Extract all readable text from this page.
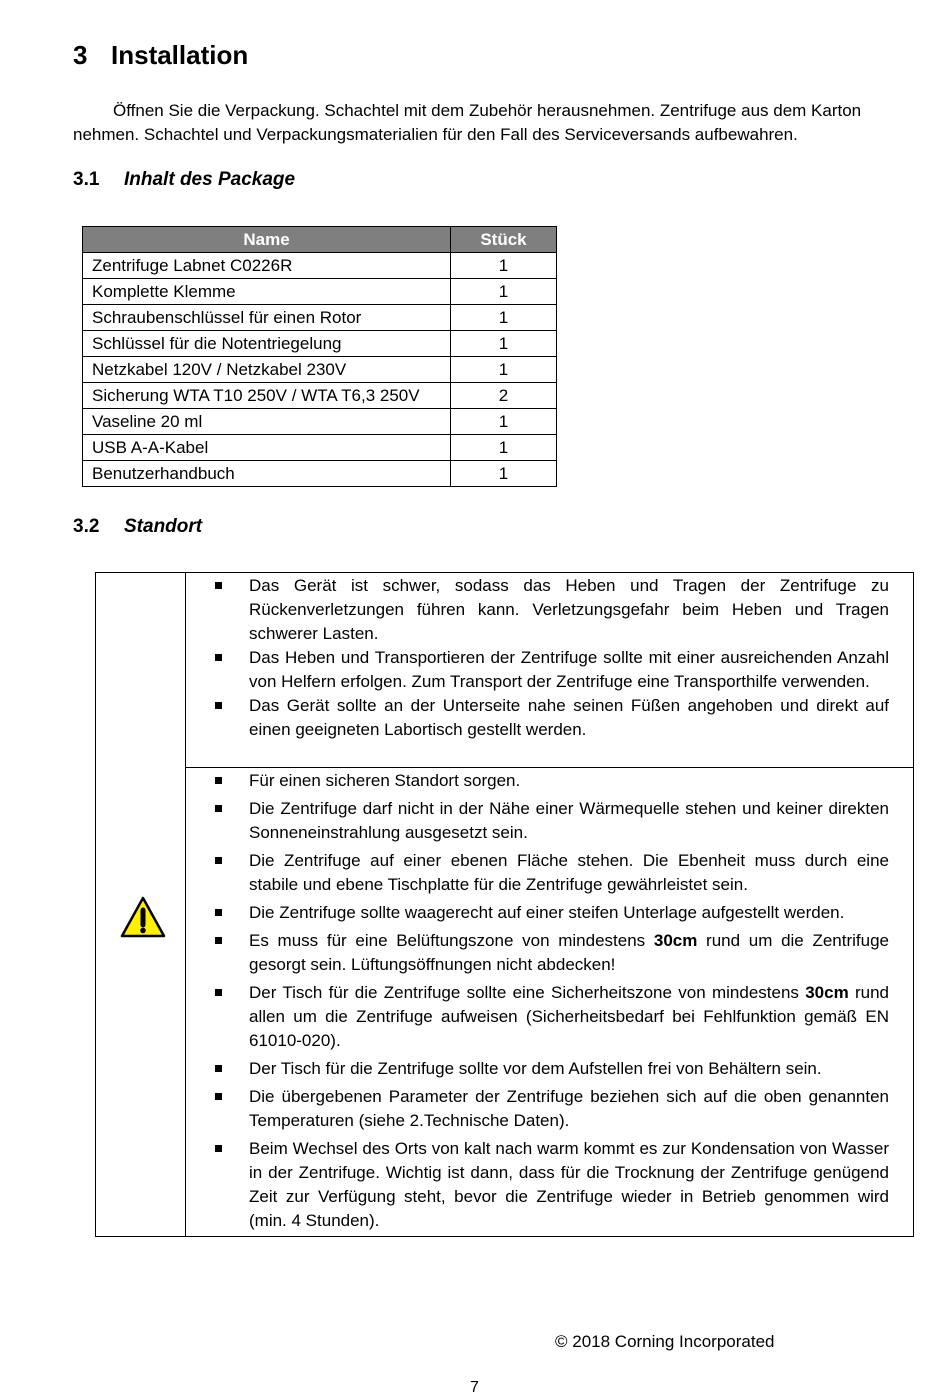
3 Installation

Öffnen Sie die Verpackung. Schachtel mit dem Zubehör herausnehmen. Zentrifuge aus dem Karton nehmen. Schachtel und Verpackungsmaterialien für den Fall des Serviceversands aufbewahren.

3.1 Inhalt des Package
Name	Stück
Zentrifuge Labnet C0226R	1
Komplette Klemme	1
Schraubenschlüssel für einen Rotor	1
Schlüssel für die Notentriegelung	1
Netzkabel 120V / Netzkabel 230V	1
Sicherung WTA T10 250V / WTA T6,3 250V	2
Vaseline 20 ml	1
USB A-A-Kabel	1
Benutzerhandbuch	1
3.2 Standort
Das Gerät ist schwer, sodass das Heben und Tragen der Zentrifuge zu Rückenverletzungen führen kann. Verletzungsgefahr beim Heben und Tragen schwerer Lasten.
Das Heben und Transportieren der Zentrifuge sollte mit einer ausreichenden Anzahl von Helfern erfolgen. Zum Transport der Zentrifuge eine Transporthilfe verwenden.
Das Gerät sollte an der Unterseite nahe seinen Füßen angehoben und direkt auf einen geeigneten Labortisch gestellt werden.
Für einen sicheren Standort sorgen.
Die Zentrifuge darf nicht in der Nähe einer Wärmequelle stehen und keiner direkten Sonneneinstrahlung ausgesetzt sein.
Die Zentrifuge auf einer ebenen Fläche stehen. Die Ebenheit muss durch eine stabile und ebene Tischplatte für die Zentrifuge gewährleistet sein.
Die Zentrifuge sollte waagerecht auf einer steifen Unterlage aufgestellt werden.
Es muss für eine Belüftungszone von mindestens 30cm rund um die Zentrifuge gesorgt sein. Lüftungsöffnungen nicht abdecken!
Der Tisch für die Zentrifuge sollte eine Sicherheitszone von mindestens 30cm rund allen um die Zentrifuge aufweisen (Sicherheitsbedarf bei Fehlfunktion gemäß EN 61010-020).
Der Tisch für die Zentrifuge sollte vor dem Aufstellen frei von Behältern sein.
Die übergebenen Parameter der Zentrifuge beziehen sich auf die oben genannten Temperaturen (siehe 2.Technische Daten).
Beim Wechsel des Orts von kalt nach warm kommt es zur Kondensation von Wasser in der Zentrifuge. Wichtig ist dann, dass für die Trocknung der Zentrifuge genügend Zeit zur Verfügung steht, bevor die Zentrifuge wieder in Betrieb genommen wird (min. 4 Stunden).

© 2018 Corning Incorporated

7
